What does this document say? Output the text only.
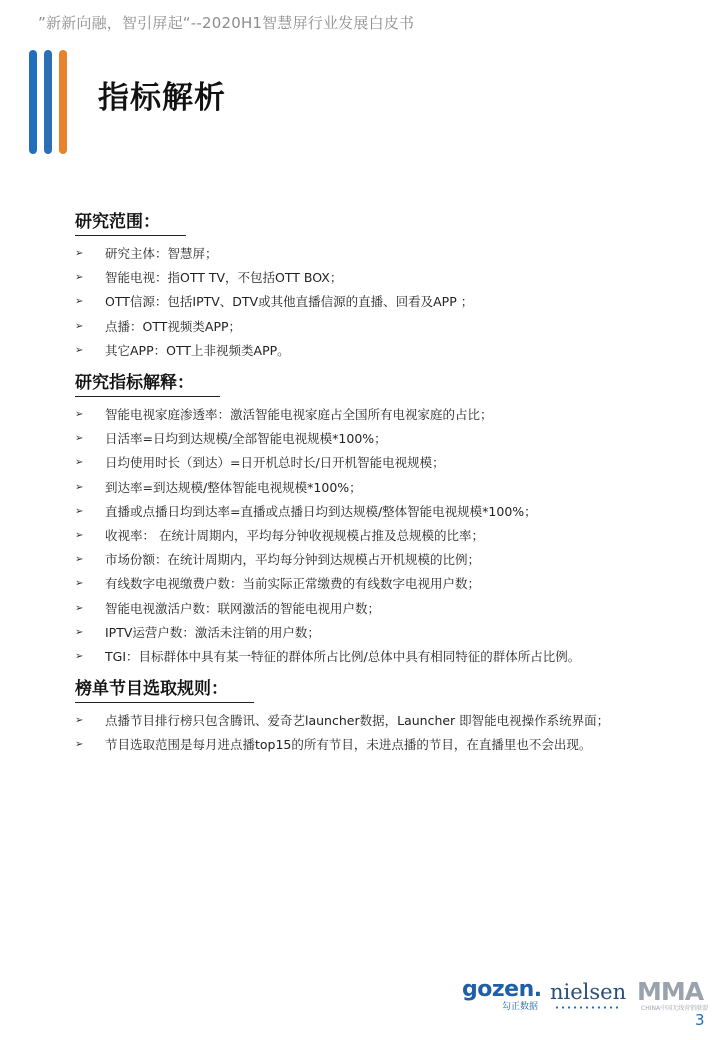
”新新向融，智引屏起“--2020H1智慧屏行业发展白皮书
指标解析
研究范围：
➢ 研究主体：智慧屏；
➢ 智能电视：指OTT TV，不包括OTT BOX；
➢ OTT信源：包括IPTV、DTV或其他直播信源的直播、回看及APP ；
➢ 点播：OTT视频类APP；
➢ 其它APP：OTT上非视频类APP。
研究指标解释：
➢ 智能电视家庭渗透率：激活智能电视家庭占全国所有电视家庭的占比；
➢ 日活率=日均到达规模/全部智能电视规模*100%；
➢ 日均使用时长（到达）=日开机总时长/日开机智能电视规模；
➢ 到达率=到达规模/整体智能电视规模*100%；
➢ 直播或点播日均到达率=直播或点播日均到达规模/整体智能电视规模*100%；
➢ 收视率： 在统计周期内，平均每分钟收视规模占推及总规模的比率；
➢ 市场份额：在统计周期内，平均每分钟到达规模占开机规模的比例；
➢ 有线数字电视缴费户数：当前实际正常缴费的有线数字电视用户数；
➢ 智能电视激活户数：联网激活的智能电视用户数；
➢ IPTV运营户数：激活未注销的用户数；
➢ TGI：目标群体中具有某一特征的群体所占比例/总体中具有相同特征的群体所占比例。
榜单节目选取规则：
➢ 点播节目排行榜只包含腾讯、爱奇艺launcher数据，Launcher 即智能电视操作系统界面；
➢ 节目选取范围是每月进点播top15的所有节目，未进点播的节目，在直播里也不会出现。
gozen.
勾正数据
nielsen MMA
CHINA中国无线营销联盟
3
